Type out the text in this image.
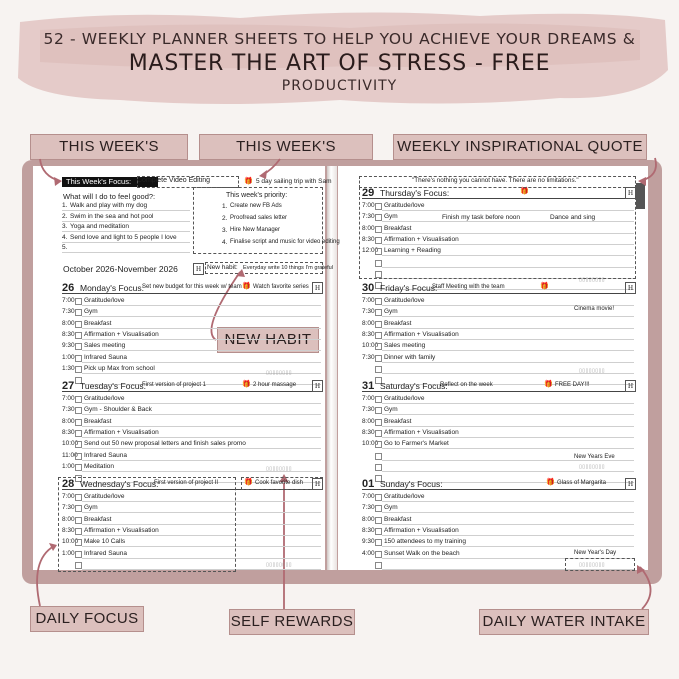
52 - WEEKLY PLANNER SHEETS TO HELP YOU ACHIEVE YOUR DREAMS &
MASTER THE ART OF STRESS - FREE
PRODUCTIVITY
THIS WEEK'S	THIS WEEK'S	WEEKLY INSPIRATIONAL QUOTE
This Week's Focus: Complete Video Editing	🎁 5 day sailing trip with Sam
What will I do to feel good?:	This week's priority:
October 2026-November 2026	H New habit: Everyday write 10 things I'm grateful
"There's nothing you cannot have. There are no limitations."
NEW HABIT
DAILY FOCUS	SELF REWARDS	DAILY WATER INTAKE
1. Walk and play with my dog
2. Swim in the sea and hot pool
3. Yoga and meditation
4. Send love and light to 5 people I love
5.
1. Create new FB Ads
2. Proofread sales letter
3. Hire New Manager
4. Finalise script and music for video editing
26 Monday's Focus:
Set new budget for this week w/ team 🎁 Watch favorite series H
7:00 Gratitude/love
7:30 Gym
8:00 Breakfast
8:30 Affirmation + Visualisation
9:30 Sales meeting
1:00 Infrared Sauna
1:30 Pick up Max from school
▯▯▯▯▯▯▯▯
27 Tuesday's Focus:
First version of project 1	🎁 2 hour massage	H
7:00 Gratitude/love
7:30 Gym - Shoulder & Back
8:00 Breakfast
8:30 Affirmation + Visualisation
10:00 Send out 50 new proposal letters and finish sales promo
11:00 Infrared Sauna
1:00 Meditation	▯▯▯▯▯▯▯▯
28 Wednesday's Focus:
First version of project II	🎁 Cook favorite dish	H
7:00 Gratitude/love
7:30 Gym
8:00 Breakfast
8:30 Affirmation + Visualisation
10:00 Make 10 Calls
1:00 Infrared Sauna
▯▯▯▯▯▯▯▯
29 Thursday's Focus:	🎁	H
7:00 Gratitude/love
7:30 Gym
8:00 Breakfast
8:30 Affirmation + Visualisation
12:00 Learning + Reading
▯▯▯▯▯▯▯▯
30 Friday's Focus:
Staff Meeting with the team	🎁	H
7:00 Gratitude/love
7:30 Gym
8:00 Breakfast
8:30 Affirmation + Visualisation
10:00 Sales meeting
7:30 Dinner with family
▯▯▯▯▯▯▯▯
Cinema movie!
31 Saturday's Focus:
Reflect on the week	🎁 FREE DAY!!!	H
7:00 Gratitude/love
7:30 Gym
8:00 Breakfast
8:30 Affirmation + Visualisation
10:00 Go to Farmer's Market
▯▯▯▯▯▯▯▯
New Years Eve
01 Sunday's Focus:	🎁 Glass of Margarita	H
7:00 Gratitude/love
7:30 Gym
8:00 Breakfast
8:30 Affirmation + Visualisation
9:30 150 attendees to my training
4:00 Sunset Walk on the beach
▯▯▯▯▯▯▯▯
New Year's Day
Finish my task before noon	Dance and sing
